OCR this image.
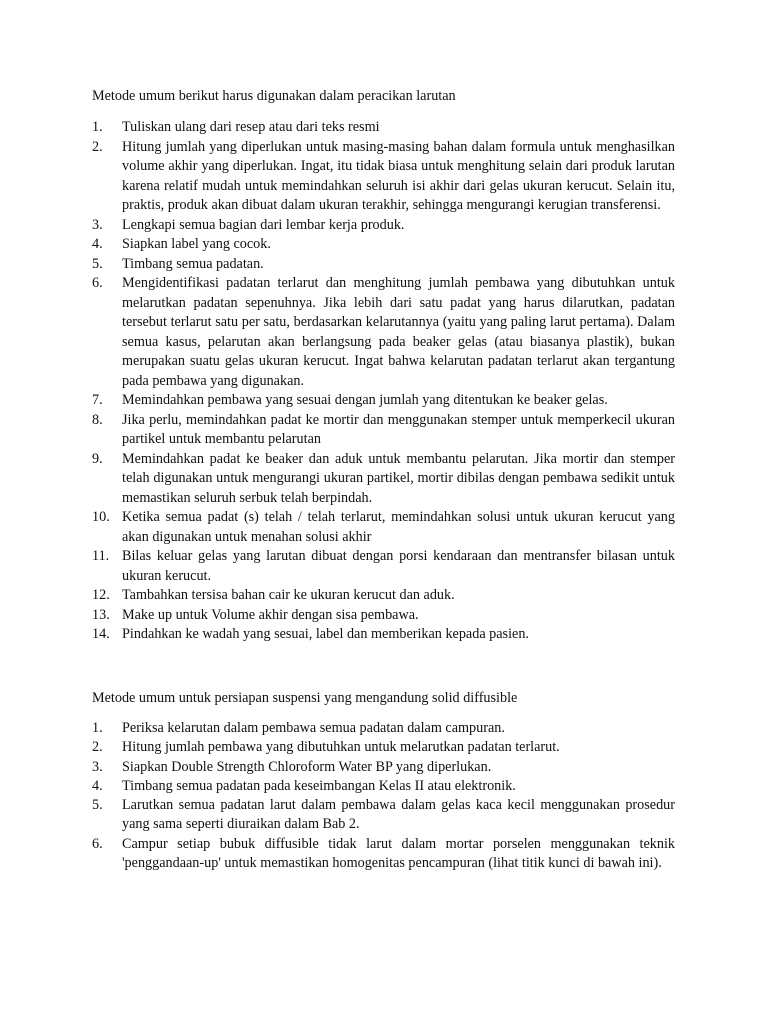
Metode umum berikut harus digunakan dalam peracikan larutan
1. Tuliskan ulang dari resep atau dari teks resmi
2. Hitung jumlah yang diperlukan untuk masing-masing bahan dalam formula untuk menghasilkan volume akhir yang diperlukan. Ingat, itu tidak biasa untuk menghitung selain dari produk larutan karena relatif mudah untuk memindahkan seluruh isi akhir dari gelas ukuran kerucut. Selain itu, praktis, produk akan dibuat dalam ukuran terakhir, sehingga mengurangi kerugian transferensi.
3. Lengkapi semua bagian dari lembar kerja produk.
4. Siapkan label yang cocok.
5. Timbang semua padatan.
6. Mengidentifikasi padatan terlarut dan menghitung jumlah pembawa yang dibutuhkan untuk melarutkan padatan sepenuhnya. Jika lebih dari satu padat yang harus dilarutkan, padatan tersebut terlarut satu per satu, berdasarkan kelarutannya (yaitu yang paling larut pertama). Dalam semua kasus, pelarutan akan berlangsung pada beaker gelas (atau biasanya plastik), bukan merupakan suatu gelas ukuran kerucut. Ingat bahwa kelarutan padatan terlarut akan tergantung pada pembawa yang digunakan.
7. Memindahkan pembawa yang sesuai dengan jumlah yang ditentukan ke beaker gelas.
8. Jika perlu, memindahkan padat ke mortir dan menggunakan stemper untuk memperkecil ukuran partikel untuk membantu pelarutan
9. Memindahkan padat ke beaker dan aduk untuk membantu pelarutan. Jika mortir dan stemper telah digunakan untuk mengurangi ukuran partikel, mortir dibilas dengan pembawa sedikit untuk memastikan seluruh serbuk telah berpindah.
10. Ketika semua padat (s) telah / telah terlarut, memindahkan solusi untuk ukuran kerucut yang akan digunakan untuk menahan solusi akhir
11. Bilas keluar gelas yang larutan dibuat dengan porsi kendaraan dan mentransfer bilasan untuk ukuran kerucut.
12. Tambahkan tersisa bahan cair ke ukuran kerucut dan aduk.
13. Make up untuk Volume akhir dengan sisa pembawa.
14. Pindahkan ke wadah yang sesuai, label dan memberikan kepada pasien.
Metode umum untuk persiapan suspensi yang mengandung solid diffusible
1. Periksa kelarutan dalam pembawa semua padatan dalam campuran.
2. Hitung jumlah pembawa yang dibutuhkan untuk melarutkan padatan terlarut.
3. Siapkan Double Strength Chloroform Water BP yang diperlukan.
4. Timbang semua padatan pada keseimbangan Kelas II atau elektronik.
5. Larutkan semua padatan larut dalam pembawa dalam gelas kaca kecil menggunakan prosedur yang sama seperti diuraikan dalam Bab 2.
6. Campur setiap bubuk diffusible tidak larut dalam mortar porselen menggunakan teknik 'penggandaan-up' untuk memastikan homogenitas pencampuran (lihat titik kunci di bawah ini).
